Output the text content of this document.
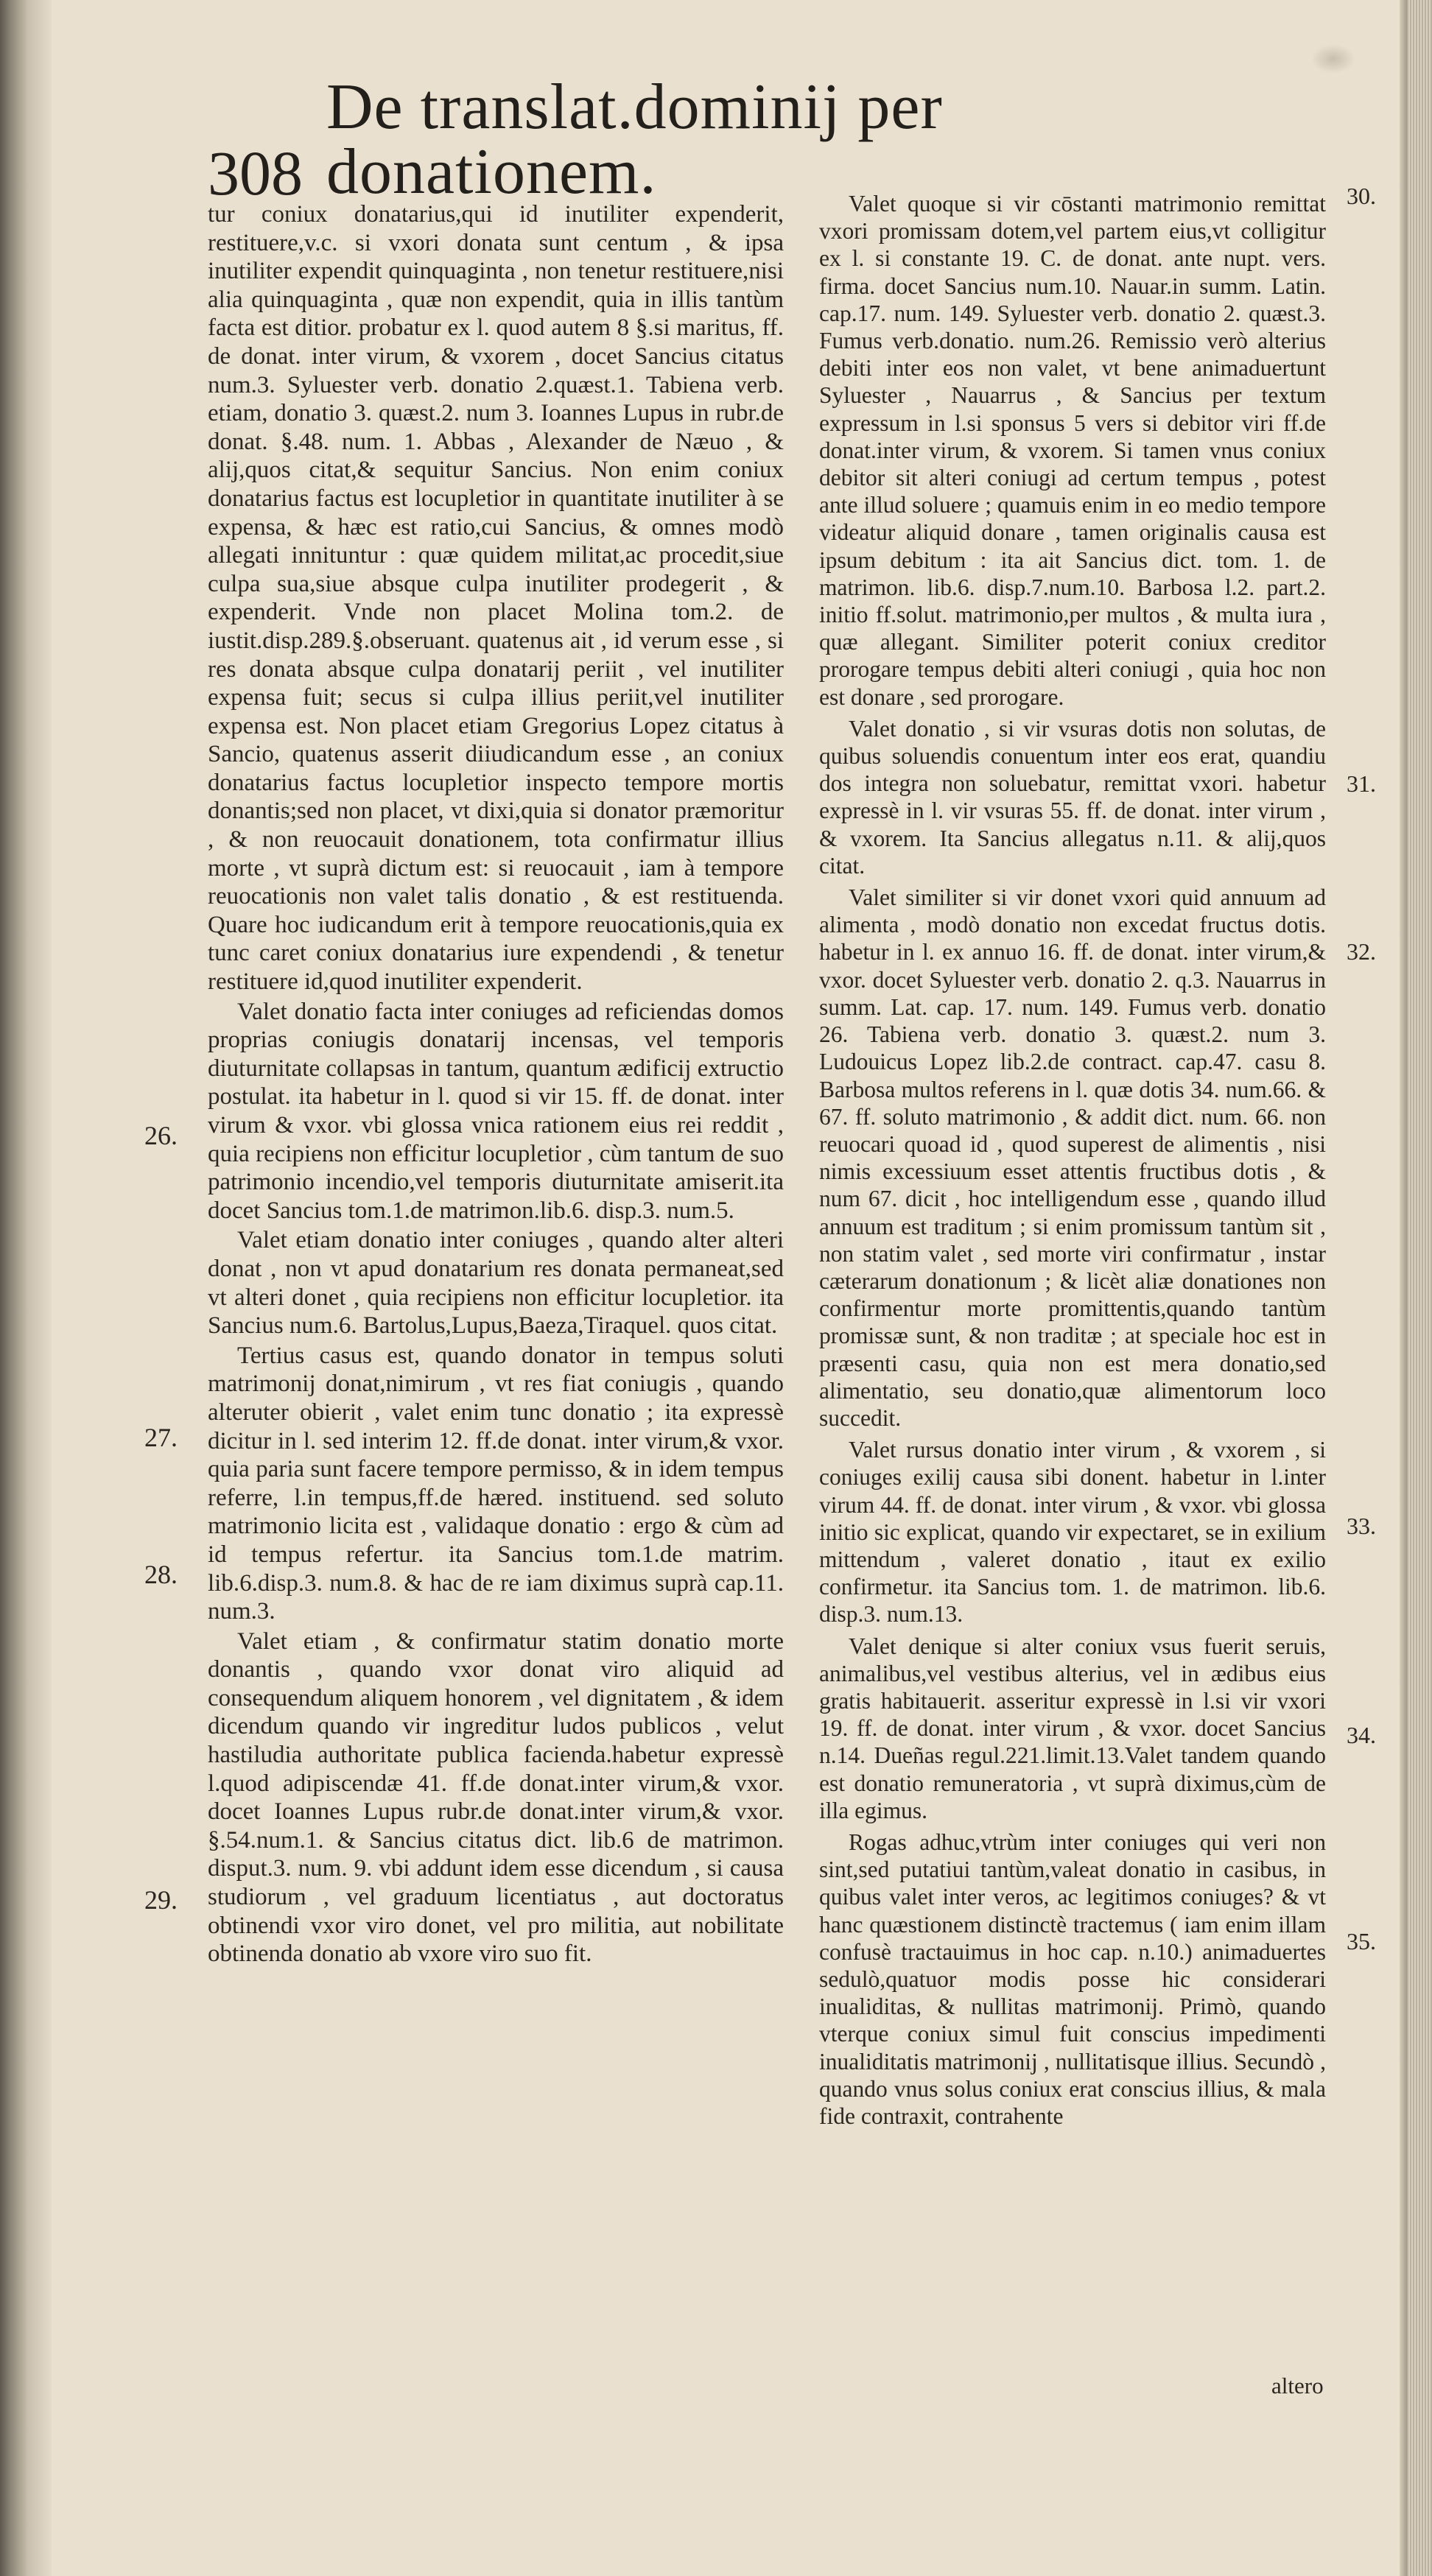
308
De translat.dominij per donationem.

tur coniux donatarius,qui id inutiliter expenderit, restituere,v.c. si vxori donata sunt centum , & ipsa inutiliter expendit quinquaginta , non tenetur restituere,nisi alia quinquaginta , quæ non expendit, quia in illis tantùm facta est ditior. probatur ex l. quod autem 8 §.si maritus, ff. de donat. inter virum, & vxorem , docet Sancius citatus num.3. Syluester verb. donatio 2.quæst.1. Tabiena verb. etiam, donatio 3. quæst.2. num 3. Ioannes Lupus in rubr.de donat. §.48. num. 1. Abbas , Alexander de Næuo , & alij,quos citat,& sequitur Sancius. Non enim coniux donatarius factus est locupletior in quantitate inutiliter à se expensa, & hæc est ratio,cui Sancius, & omnes modò allegati innituntur : quæ quidem militat,ac procedit,siue culpa sua,siue absque culpa inutiliter prodegerit , & expenderit. Vnde non placet Molina tom.2. de iustit.disp.289.§.obseruant. quatenus ait , id verum esse , si res donata absque culpa donatarij periit , vel inutiliter expensa fuit; secus si culpa illius periit,vel inutiliter expensa est. Non placet etiam Gregorius Lopez citatus à Sancio, quatenus asserit diiudicandum esse , an coniux donatarius factus locupletior inspecto tempore mortis donantis;sed non placet, vt dixi,quia si donator præmoritur , & non reuocauit donationem, tota confirmatur illius morte , vt suprà dictum est: si reuocauit , iam à tempore reuocationis non valet talis donatio , & est restituenda. Quare hoc iudicandum erit à tempore reuocationis,quia ex tunc caret coniux donatarius iure expendendi , & tenetur restituere id,quod inutiliter expenderit.

Valet donatio facta inter coniuges ad reficiendas domos proprias coniugis donatarij incensas, vel temporis diuturnitate collapsas in tantum, quantum ædificij extructio postulat. ita habetur in l. quod si vir 15. ff. de donat. inter virum & vxor. vbi glossa vnica rationem eius rei reddit , quia recipiens non efficitur locupletior , cùm tantum de suo patrimonio incendio,vel temporis diuturnitate amiserit.ita docet Sancius tom.1.de matrimon.lib.6. disp.3. num.5.

Valet etiam donatio inter coniuges , quando alter alteri donat , non vt apud donatarium res donata permaneat,sed vt alteri donet , quia recipiens non efficitur locupletior. ita Sancius num.6. Bartolus,Lupus,Baeza,Tiraquel. quos citat.

Tertius casus est, quando donator in tempus soluti matrimonij donat,nimirum , vt res fiat coniugis , quando alteruter obierit , valet enim tunc donatio ; ita expressè dicitur in l. sed interim 12. ff.de donat. inter virum,& vxor. quia paria sunt facere tempore permisso, & in idem tempus referre, l.in tempus,ff.de hæred. instituend. sed soluto matrimonio licita est , validaque donatio : ergo & cùm ad id tempus refertur. ita Sancius tom.1.de matrim. lib.6.disp.3. num.8. & hac de re iam diximus suprà cap.11. num.3.

Valet etiam , & confirmatur statim donatio morte donantis , quando vxor donat viro aliquid ad consequendum aliquem honorem , vel dignitatem , & idem dicendum quando vir ingreditur ludos publicos , velut hastiludia authoritate publica facienda.habetur expressè l.quod adipiscendæ 41. ff.de donat.inter virum,& vxor. docet Ioannes Lupus rubr.de donat.inter virum,& vxor. §.54.num.1. & Sancius citatus dict. lib.6 de matrimon. disput.3. num. 9. vbi addunt idem esse dicendum , si causa studiorum , vel graduum licentiatus , aut doctoratus obtinendi vxor viro donet, vel pro militia, aut nobilitate obtinenda donatio ab vxore viro suo fit.

Valet quoque si vir cōstanti matrimonio remittat vxori promissam dotem,vel partem eius,vt colligitur ex l. si constante 19. C. de donat. ante nupt. vers. firma. docet Sancius num.10. Nauar.in summ. Latin. cap.17. num. 149. Syluester verb. donatio 2. quæst.3. Fumus verb.donatio. num.26. Remissio verò alterius debiti inter eos non valet, vt bene animaduertunt Syluester , Nauarrus , & Sancius per textum expressum in l.si sponsus 5 vers si debitor viri ff.de donat.inter virum, & vxorem. Si tamen vnus coniux debitor sit alteri coniugi ad certum tempus , potest ante illud soluere ; quamuis enim in eo medio tempore videatur aliquid donare , tamen originalis causa est ipsum debitum : ita ait Sancius dict. tom. 1. de matrimon. lib.6. disp.7.num.10. Barbosa l.2. part.2. initio ff.solut. matrimonio,per multos , & multa iura , quæ allegant. Similiter poterit coniux creditor prorogare tempus debiti alteri coniugi , quia hoc non est donare , sed prorogare.

Valet donatio , si vir vsuras dotis non solutas, de quibus soluendis conuentum inter eos erat, quandiu dos integra non soluebatur, remittat vxori. habetur expressè in l. vir vsuras 55. ff. de donat. inter virum , & vxorem. Ita Sancius allegatus n.11. & alij,quos citat.

Valet similiter si vir donet vxori quid annuum ad alimenta , modò donatio non excedat fructus dotis. habetur in l. ex annuo 16. ff. de donat. inter virum,& vxor. docet Syluester verb. donatio 2. q.3. Nauarrus in summ. Lat. cap. 17. num. 149. Fumus verb. donatio 26. Tabiena verb. donatio 3. quæst.2. num 3. Ludouicus Lopez lib.2.de contract. cap.47. casu 8. Barbosa multos referens in l. quæ dotis 34. num.66. & 67. ff. soluto matrimonio , & addit dict. num. 66. non reuocari quoad id , quod superest de alimentis , nisi nimis excessiuum esset attentis fructibus dotis , & num 67. dicit , hoc intelligendum esse , quando illud annuum est traditum ; si enim promissum tantùm sit , non statim valet , sed morte viri confirmatur , instar cæterarum donationum ; & licèt aliæ donationes non confirmentur morte promittentis,quando tantùm promissæ sunt, & non traditæ ; at speciale hoc est in præsenti casu, quia non est mera donatio,sed alimentatio, seu donatio,quæ alimentorum loco succedit.

Valet rursus donatio inter virum , & vxorem , si coniuges exilij causa sibi donent. habetur in l.inter virum 44. ff. de donat. inter virum , & vxor. vbi glossa initio sic explicat, quando vir expectaret, se in exilium mittendum , valeret donatio , itaut ex exilio confirmetur. ita Sancius tom. 1. de matrimon. lib.6. disp.3. num.13.

Valet denique si alter coniux vsus fuerit seruis, animalibus,vel vestibus alterius, vel in ædibus eius gratis habitauerit. asseritur expressè in l.si vir vxori 19. ff. de donat. inter virum , & vxor. docet Sancius n.14. Dueñas regul.221.limit.13.Valet tandem quando est donatio remuneratoria , vt suprà diximus,cùm de illa egimus.

Rogas adhuc,vtrùm inter coniuges qui veri non sint,sed putatiui tantùm,valeat donatio in casibus, in quibus valet inter veros, ac legitimos coniuges? & vt hanc quæstionem distinctè tractemus ( iam enim illam confusè tractauimus in hoc cap. n.10.) animaduertes sedulò,quatuor modis posse hic considerari inualiditas, & nullitas matrimonij. Primò, quando vterque coniux simul fuit conscius impedimenti inualiditatis matrimonij , nullitatisque illius. Secundò , quando vnus solus coniux erat conscius illius, & mala fide contraxit, contrahente

26.
27.
28.
29.
30.
31.
32.
33.
34.
35.
altero
